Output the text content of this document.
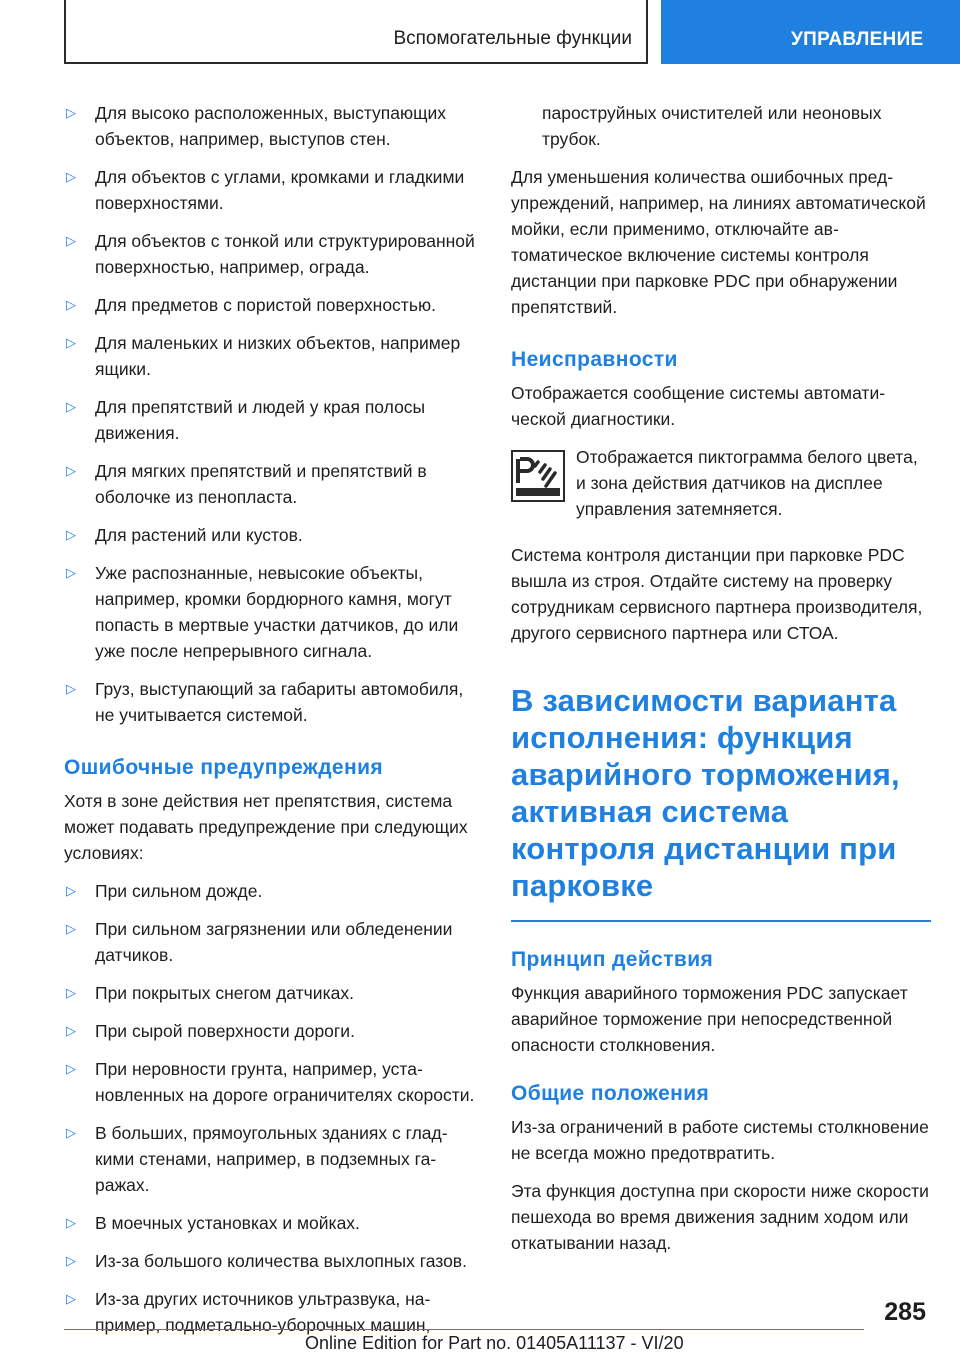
Вспомогательные функции	УПРАВЛЕНИЕ
▷ Для высоко расположенных, выступающих объектов, например, выступов стен.
▷ Для объектов с углами, кромками и гладкими поверхностями.
▷ Для объектов с тонкой или структурированной поверхностью, например, ограда.
▷ Для предметов с пористой поверхностью.
▷ Для маленьких и низких объектов, например ящики.
▷ Для препятствий и людей у края полосы движения.
▷ Для мягких препятствий и препятствий в оболочке из пенопласта.
▷ Для растений или кустов.
▷ Уже распознанные, невысокие объекты, например, кромки бордюрного камня, могут попасть в мертвые участки датчиков, до или уже после непрерывного сигнала.
▷ Груз, выступающий за габариты автомобиля, не учитывается системой.
Ошибочные предупреждения
Хотя в зоне действия нет препятствия, система может подавать предупреждение при следующих условиях:
▷ При сильном дожде.
▷ При сильном загрязнении или обледенении датчиков.
▷ При покрытых снегом датчиках.
▷ При сырой поверхности дороги.
▷ При неровности грунта, например, установленных на дороге ограничителях скорости.
▷ В больших, прямоугольных зданиях с гладкими стенами, например, в подземных гаражах.
▷ В моечных установках и мойках.
▷ Из-за большого количества выхлопных газов.
▷ Из-за других источников ультразвука, например, подметально-уборочных машин,
пароструйных очистителей или неоновых трубок.
Для уменьшения количества ошибочных предупреждений, например, на линиях автоматической мойки, если применимо, отключайте автоматическое включение системы контроля дистанции при парковке PDC при обнаружении препятствий.
Неисправности
Отображается сообщение системы автоматической диагностики.
Отображается пиктограмма белого цвета, и зона действия датчиков на дисплее управления затемняется.
Система контроля дистанции при парковке PDC вышла из строя. Отдайте систему на проверку сотрудникам сервисного партнера производителя, другого сервисного партнера или СТОА.
В зависимости варианта исполнения: функция аварийного торможения, активная система контроля дистанции при парковке
Принцип действия
Функция аварийного торможения PDC запускает аварийное торможение при непосредственной опасности столкновения.
Общие положения
Из-за ограничений в работе системы столкновение не всегда можно предотвратить.
Эта функция доступна при скорости ниже скорости пешехода во время движения задним ходом или откатывании назад.
285
Online Edition for Part no. 01405A11137 - VI/20
